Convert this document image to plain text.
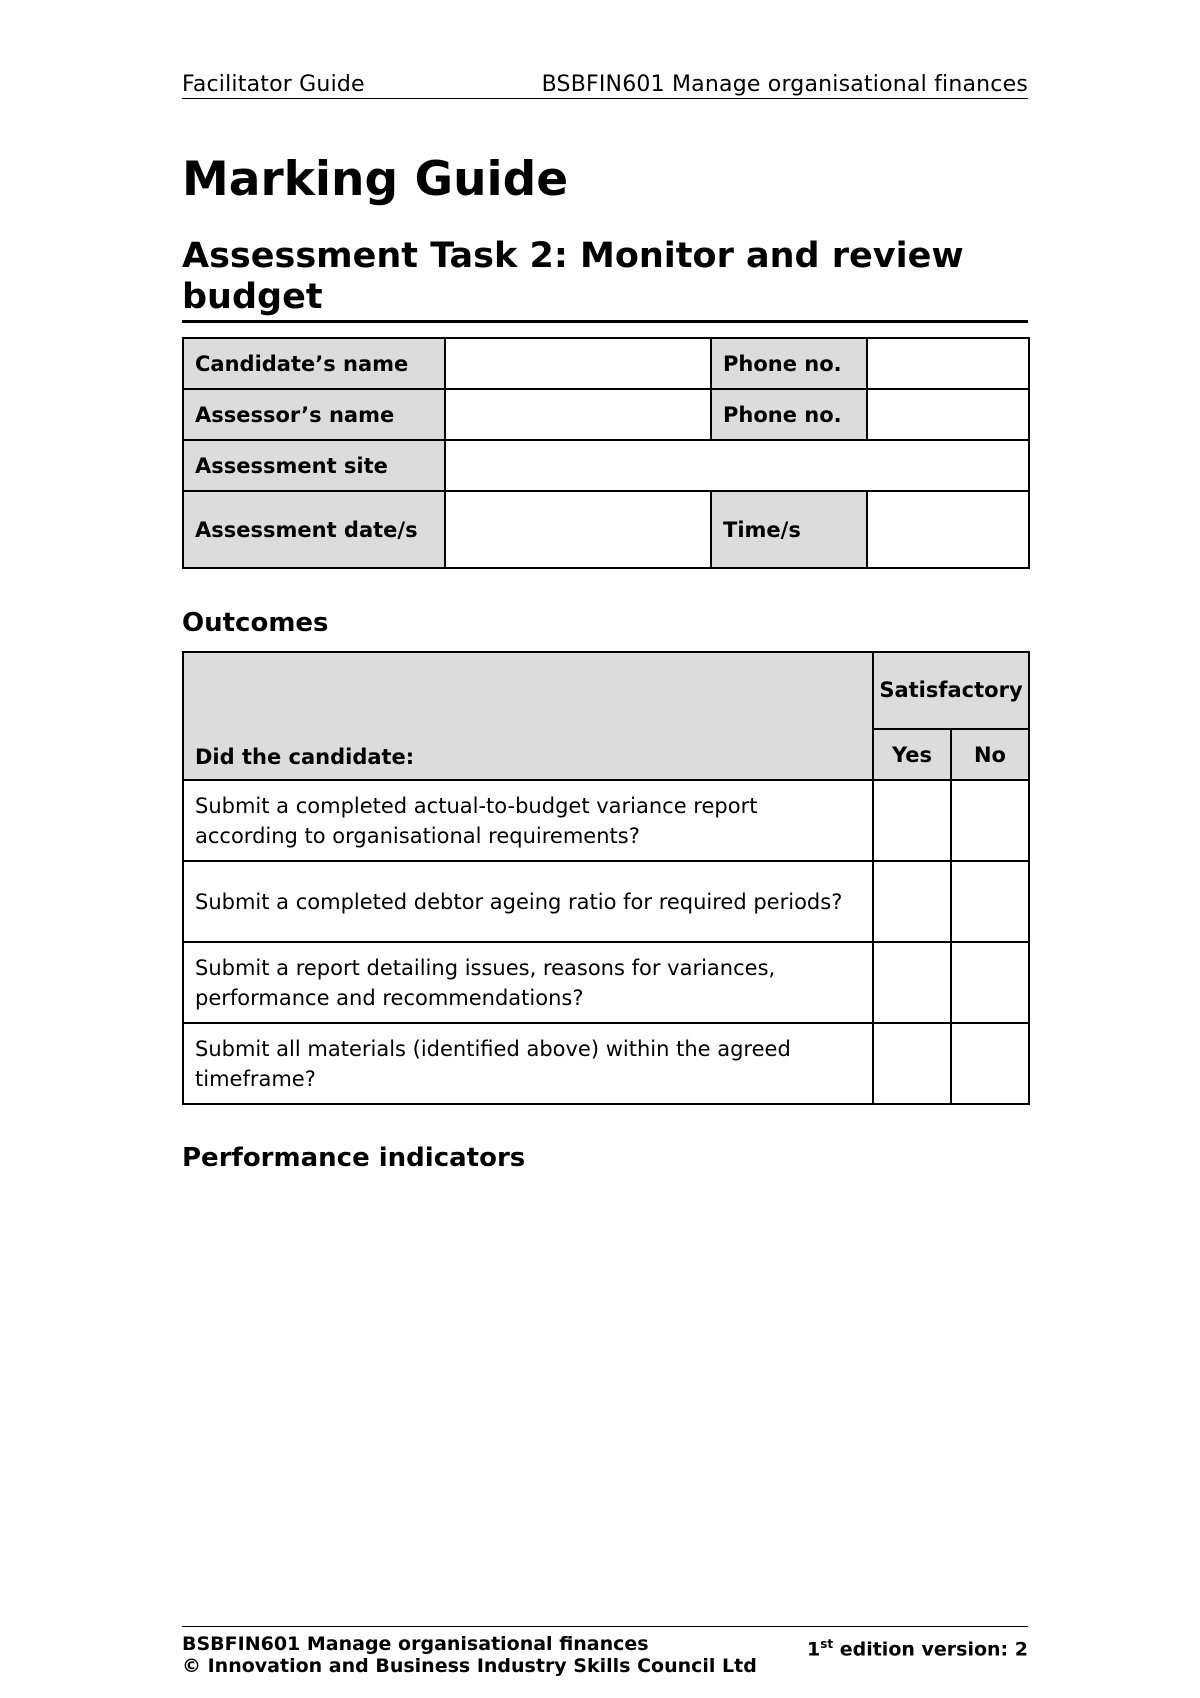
Facilitator Guide	BSBFIN601 Manage organisational finances
Marking Guide
Assessment Task 2: Monitor and review budget
Candidate’s name		Phone no.	
Assessor’s name		Phone no.	
Assessment site			
Assessment date/s		Time/s	
Outcomes
Did the candidate:	Satisfactory	
	Yes	No
Submit a completed actual-to-budget variance report according to organisational requirements?		
Submit a completed debtor ageing ratio for required periods?		
Submit a report detailing issues, reasons for variances, performance and recommendations?		
Submit all materials (identified above) within the agreed timeframe?		
Performance indicators
BSBFIN601 Manage organisational finances	1st edition version: 2
© Innovation and Business Industry Skills Council Ltd
